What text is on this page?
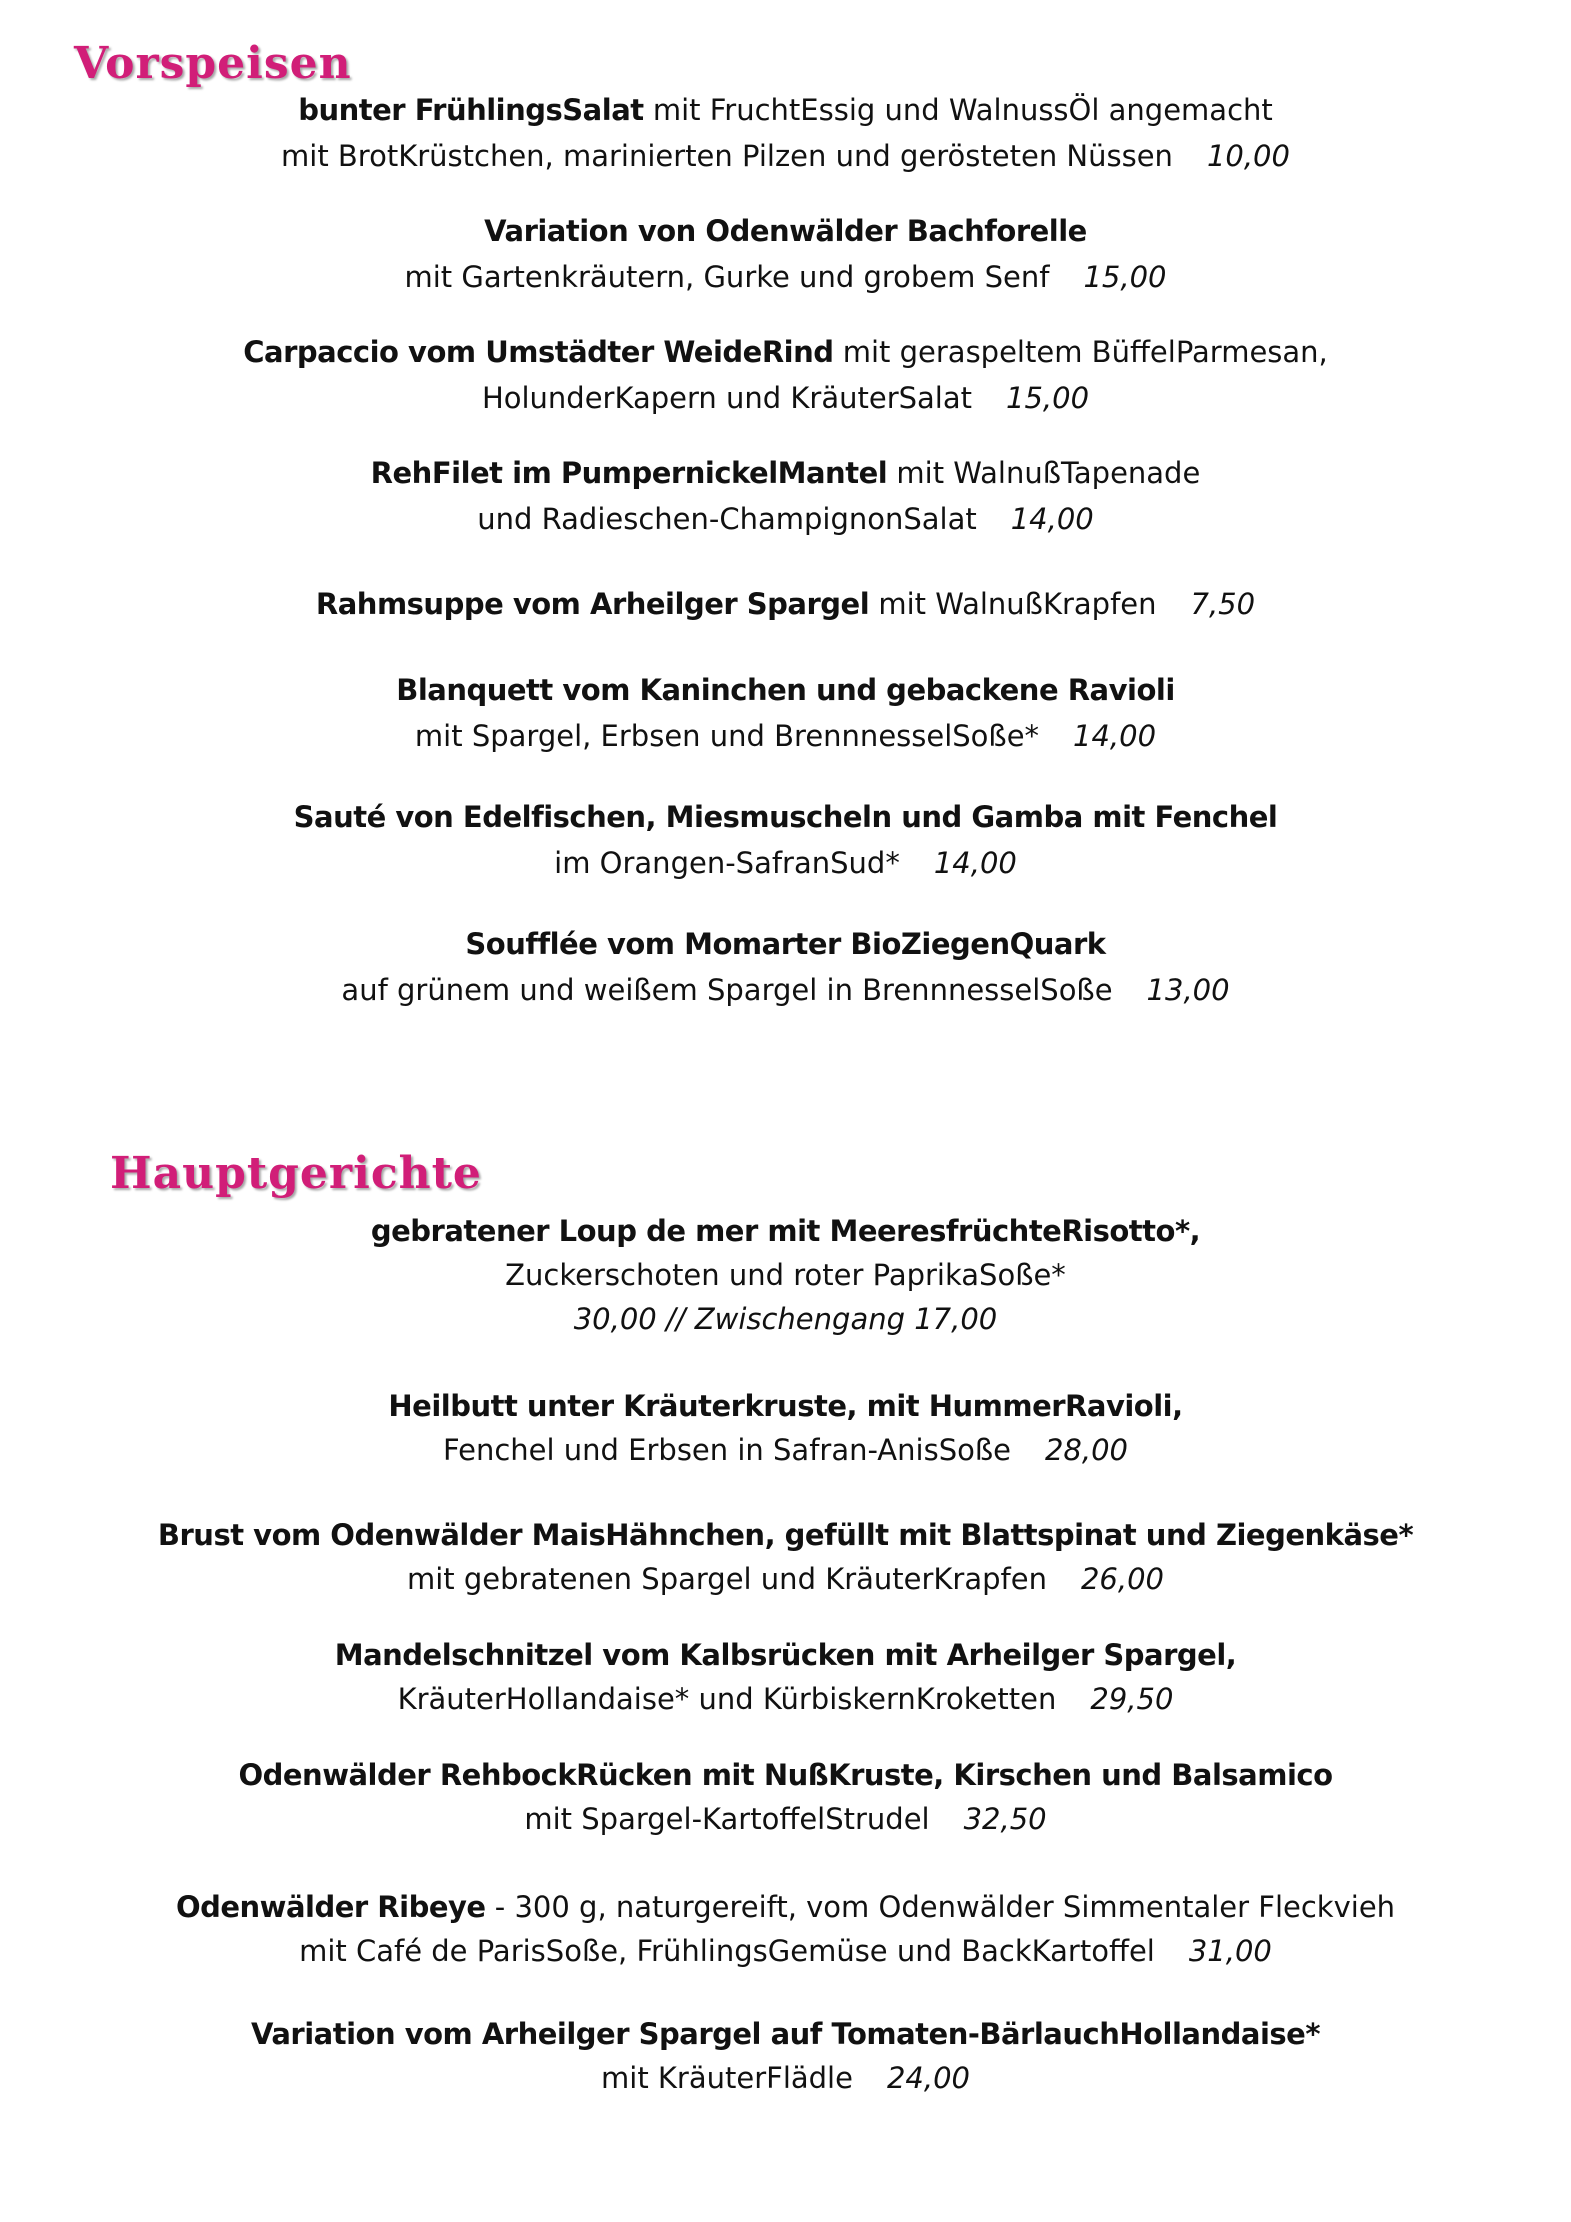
Vorspeisen
bunter FrühlingsSalat mit FruchtEssig und WalnussÖl angemacht
mit BrotKrüstchen, marinierten Pilzen und gerösteten Nüssen 10,00
Variation von Odenwälder Bachforelle
mit Gartenkräutern, Gurke und grobem Senf 15,00
Carpaccio vom Umstädter WeideRind mit geraspeltem BüffelParmesan,
HolunderKapern und KräuterSalat 15,00
RehFilet im PumpernickelMantel mit WalnußTapenade
und Radieschen-ChampignonSalat 14,00
Rahmsuppe vom Arheilger Spargel mit WalnußKrapfen 7,50
Blanquett vom Kaninchen und gebackene Ravioli
mit Spargel, Erbsen und BrennnesselSoße* 14,00
Sauté von Edelfischen, Miesmuscheln und Gamba mit Fenchel
im Orangen-SafranSud* 14,00
Soufflée vom Momarter BioZiegenQuark
auf grünem und weißem Spargel in BrennnesselSoße 13,00
Hauptgerichte
gebratener Loup de mer mit MeeresfrüchteRisotto*,
Zuckerschoten und roter PaprikaSoße*
30,00 // Zwischengang 17,00
Heilbutt unter Kräuterkruste, mit HummerRavioli,
Fenchel und Erbsen in Safran-AnisSoße 28,00
Brust vom Odenwälder MaisHähnchen, gefüllt mit Blattspinat und Ziegenkäse*
mit gebratenen Spargel und KräuterKrapfen 26,00
Mandelschnitzel vom Kalbsrücken mit Arheilger Spargel,
KräuterHollandaise* und KürbiskernKroketten 29,50
Odenwälder RehbockRücken mit NußKruste, Kirschen und Balsamico
mit Spargel-KartoffelStrudel 32,50
Odenwälder Ribeye - 300 g, naturgereift, vom Odenwälder Simmentaler Fleckvieh
mit Café de ParisSoße, FrühlingsGemüse und BackKartoffel 31,00
Variation vom Arheilger Spargel auf Tomaten-BärlauchHollandaise*
mit KräuterFlädle 24,00
